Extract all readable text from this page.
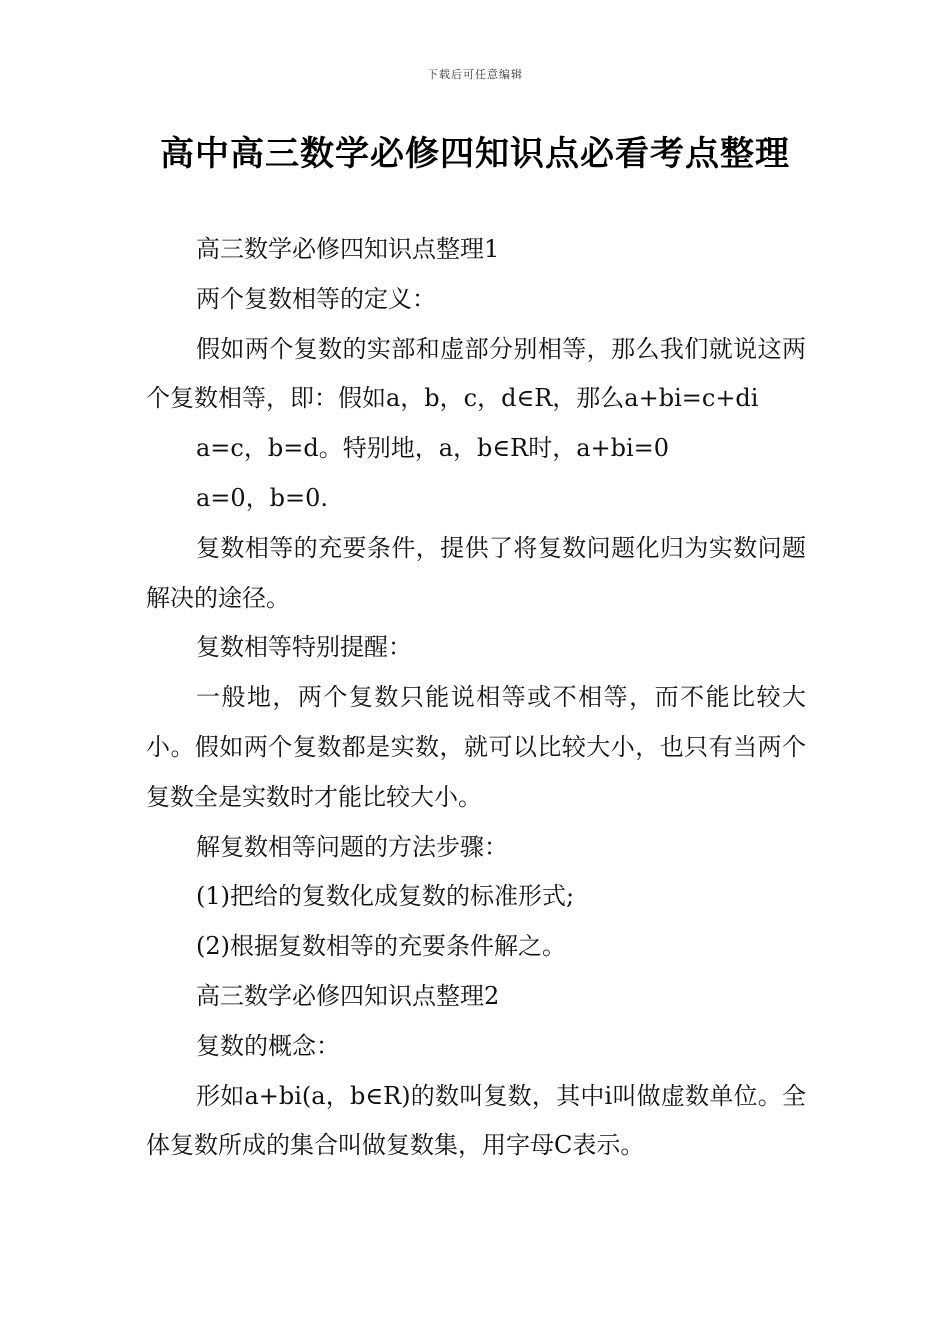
下载后可任意编辑
高中高三数学必修四知识点必看考点整理

高三数学必修四知识点整理1

两个复数相等的定义：

假如两个复数的实部和虚部分别相等，那么我们就说这两个复数相等，即：假如a，b，c，d∈R，那么a+bi=c+di

a=c，b=d。特别地，a，b∈R时，a+bi=0

a=0，b=0.

复数相等的充要条件，提供了将复数问题化归为实数问题解决的途径。

复数相等特别提醒：

一般地，两个复数只能说相等或不相等，而不能比较大小。假如两个复数都是实数，就可以比较大小，也只有当两个复数全是实数时才能比较大小。

解复数相等问题的方法步骤：

(1)把给的复数化成复数的标准形式;

(2)根据复数相等的充要条件解之。

高三数学必修四知识点整理2

复数的概念：

形如a+bi(a，b∈R)的数叫复数，其中i叫做虚数单位。全体复数所成的集合叫做复数集，用字母C表示。
